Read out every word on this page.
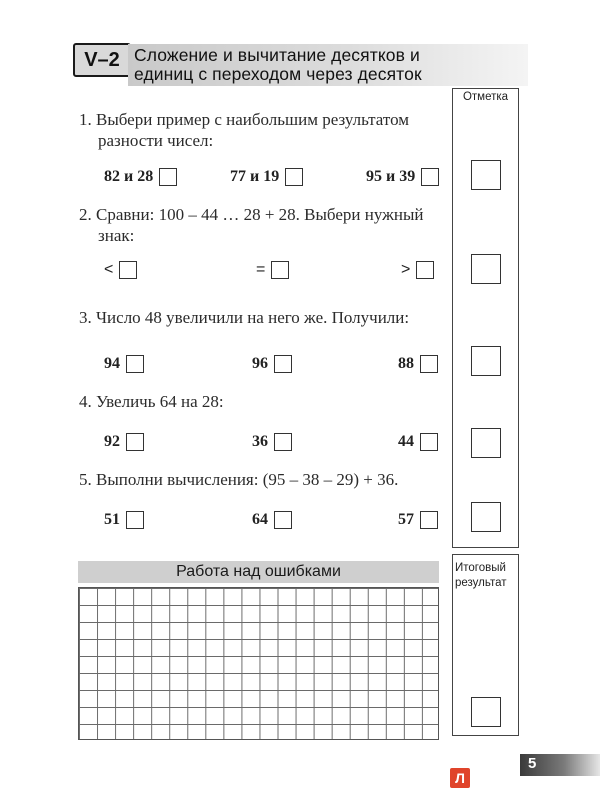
V–2 Сложение и вычитание десятков и
единиц с переходом через десяток
Отметка
1. Выбери пример с наибольшим результатом
разности чисел:
82 и 28	77 и 19	95 и 39
2. Сравни: 100 – 44 … 28 + 28. Выбери нужный
знак:
<	=	>
3. Число 48 увеличили на него же. Получили:
94	96	88
4. Увеличь 64 на 28:
92	36	44
5. Выполни вычисления: (95 – 38 – 29) + 36.
51	64	57
Работа над ошибками	Итоговый
результат
5
Л
